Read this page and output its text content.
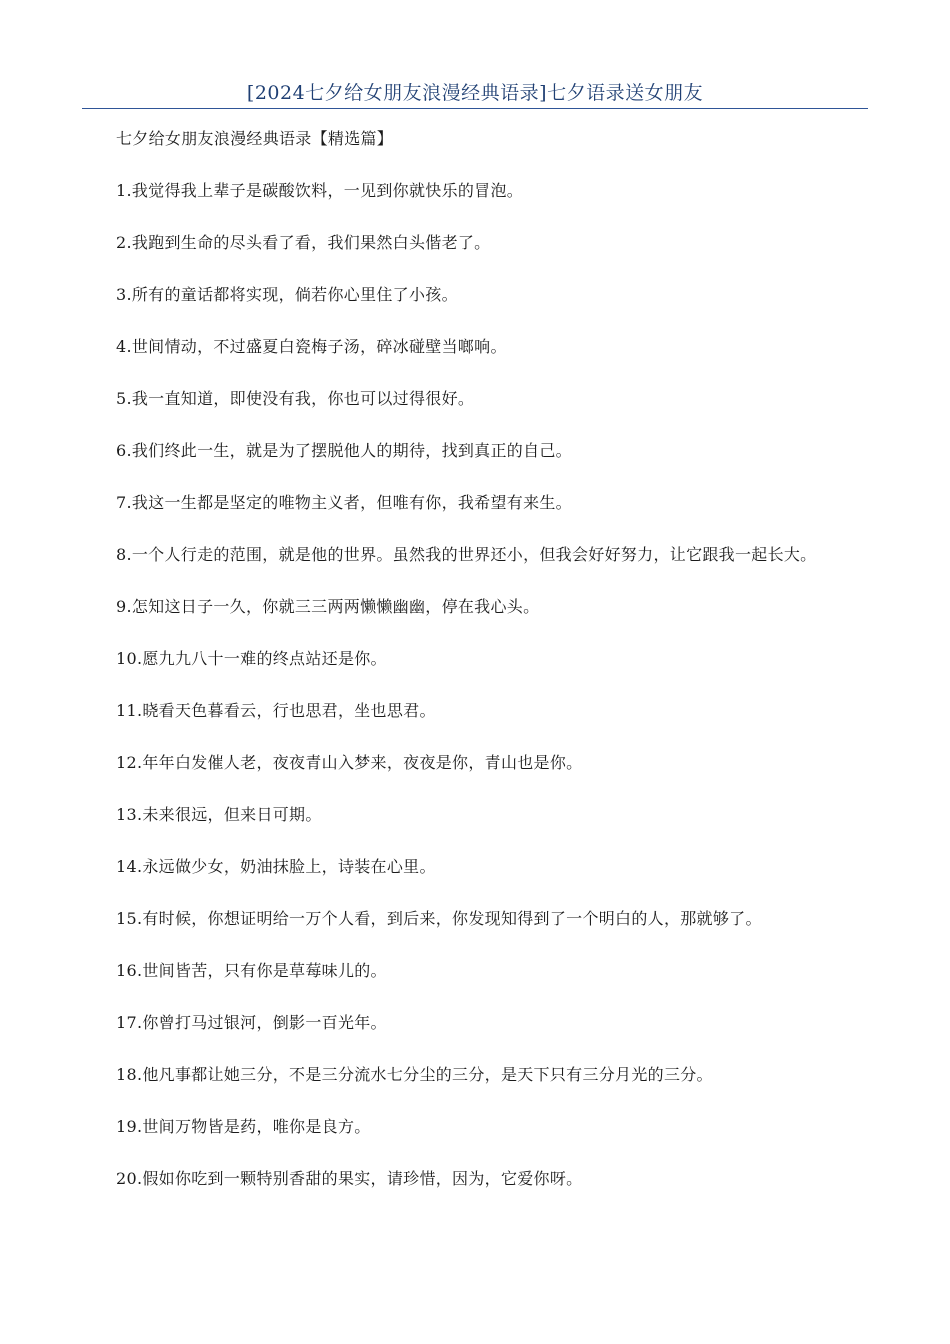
[2024七夕给女朋友浪漫经典语录]七夕语录送女朋友

七夕给女朋友浪漫经典语录【精选篇】

1.我觉得我上辈子是碳酸饮料，一见到你就快乐的冒泡。

2.我跑到生命的尽头看了看，我们果然白头偕老了。

3.所有的童话都将实现，倘若你心里住了小孩。

4.世间情动，不过盛夏白瓷梅子汤，碎冰碰壁当啷响。

5.我一直知道，即使没有我，你也可以过得很好。

6.我们终此一生，就是为了摆脱他人的期待，找到真正的自己。

7.我这一生都是坚定的唯物主义者，但唯有你，我希望有来生。

8.一个人行走的范围，就是他的世界。虽然我的世界还小，但我会好好努力，让它跟我一起长大。

9.怎知这日子一久，你就三三两两懒懒幽幽，停在我心头。

10.愿九九八十一难的终点站还是你。

11.晓看天色暮看云，行也思君，坐也思君。

12.年年白发催人老，夜夜青山入梦来，夜夜是你，青山也是你。

13.未来很远，但来日可期。

14.永远做少女，奶油抹脸上，诗装在心里。

15.有时候，你想证明给一万个人看，到后来，你发现知得到了一个明白的人，那就够了。

16.世间皆苦，只有你是草莓味儿的。

17.你曾打马过银河，倒影一百光年。

18.他凡事都让她三分，不是三分流水七分尘的三分，是天下只有三分月光的三分。

19.世间万物皆是药，唯你是良方。

20.假如你吃到一颗特别香甜的果实，请珍惜，因为，它爱你呀。
